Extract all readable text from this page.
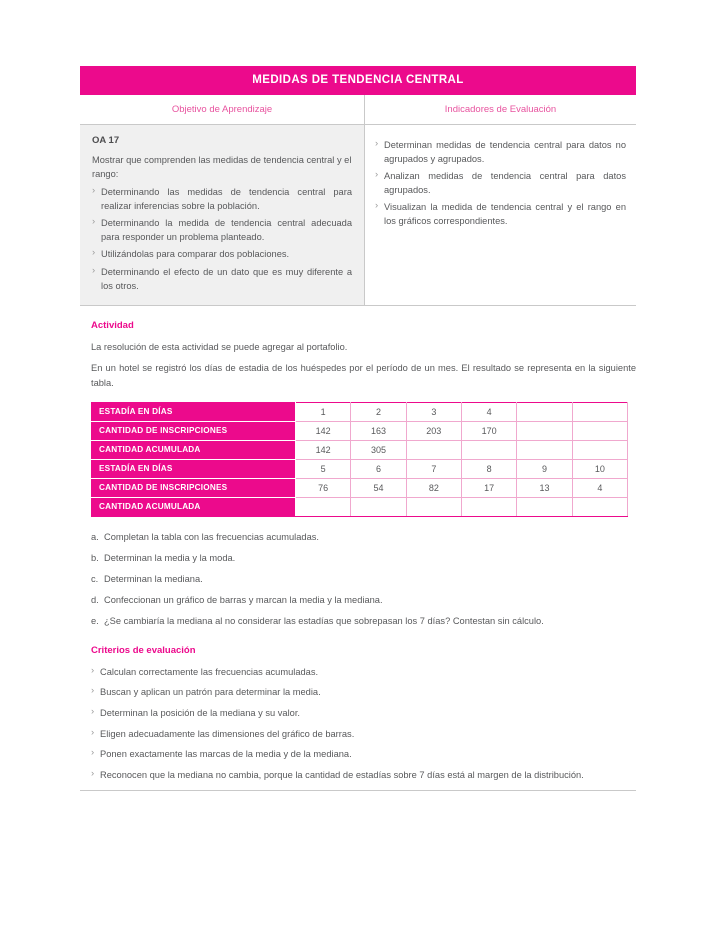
MEDIDAS DE TENDENCIA CENTRAL
Objetivo de Aprendizaje
OA 17
Mostrar que comprenden las medidas de tendencia central y el rango:
› Determinando las medidas de tendencia central para realizar inferencias sobre la población.
› Determinando la medida de tendencia central adecuada para responder un problema planteado.
› Utilizándolas para comparar dos poblaciones.
› Determinando el efecto de un dato que es muy diferente a los otros.
Indicadores de Evaluación
› Determinan medidas de tendencia central para datos no agrupados y agrupados.
› Analizan medidas de tendencia central para datos agrupados.
› Visualizan la medida de tendencia central y el rango en los gráficos correspondientes.
Actividad

La resolución de esta actividad se puede agregar al portafolio.

En un hotel se registró los días de estadia de los huéspedes por el período de un mes. El resultado se representa en la siguiente tabla.

ESTADÍA EN DÍAS	1	2	3	4		
CANTIDAD DE INSCRIPCIONES	142	163	203	170		
CANTIDAD ACUMULADA	142	305				
ESTADÍA EN DÍAS	5	6	7	8	9	10
CANTIDAD DE INSCRIPCIONES	76	54	82	17	13	4
CANTIDAD ACUMULADA						
a. Completan la tabla con las frecuencias acumuladas.
b. Determinan la media y la moda.
c. Determinan la mediana.
d. Confeccionan un gráfico de barras y marcan la media y la mediana.
e. ¿Se cambiaría la mediana al no considerar las estadías que sobrepasan los 7 días? Contestan sin cálculo.
Criterios de evaluación
› Calculan correctamente las frecuencias acumuladas.
› Buscan y aplican un patrón para determinar la media.
› Determinan la posición de la mediana y su valor.
› Eligen adecuadamente las dimensiones del gráfico de barras.
› Ponen exactamente las marcas de la media y de la mediana.
› Reconocen que la mediana no cambia, porque la cantidad de estadías sobre 7 días está al margen de la distribución.
